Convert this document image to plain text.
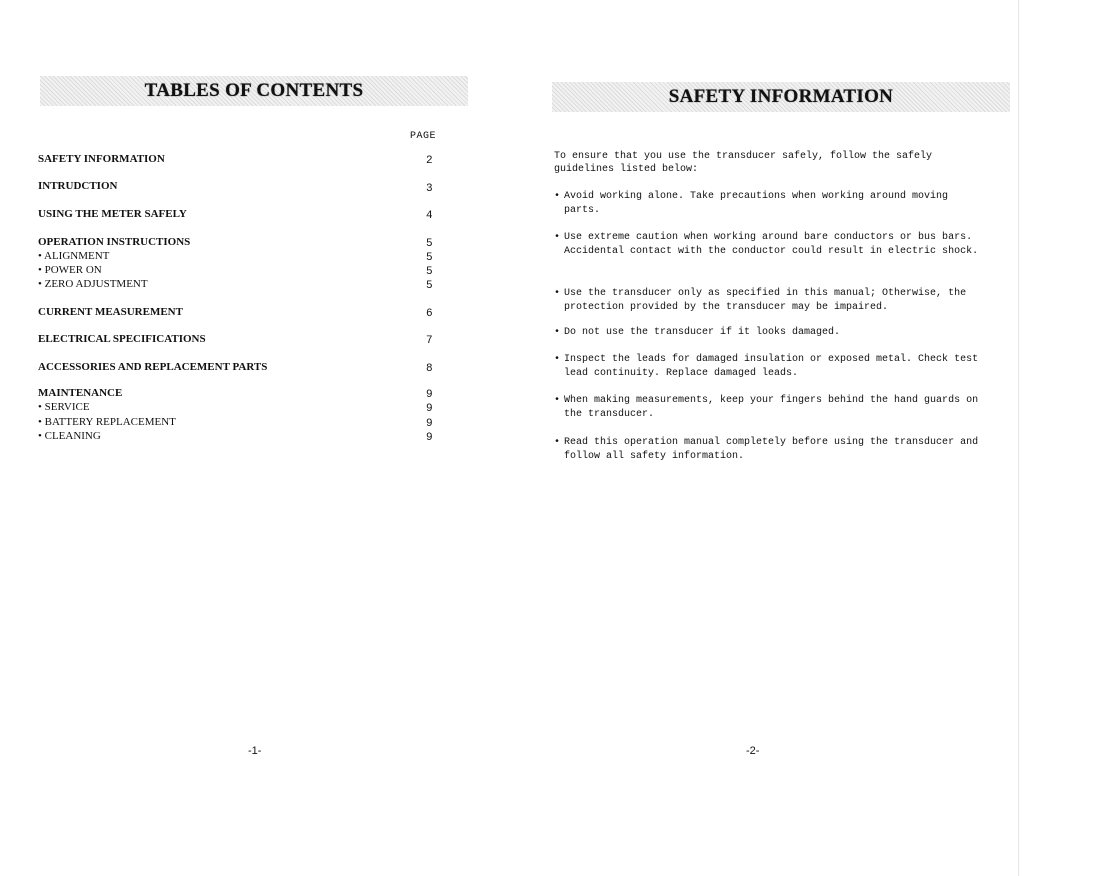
TABLES OF CONTENTS
PAGE
SAFETY INFORMATION	2
INTRUDCTION	3
USING THE METER SAFELY	4
OPERATION INSTRUCTIONS	5
• ALIGNMENT	5
• POWER ON	5
• ZERO ADJUSTMENT	5
CURRENT MEASUREMENT	6
ELECTRICAL SPECIFICATIONS	7
ACCESSORIES AND REPLACEMENT PARTS	8
MAINTENANCE	9
• SERVICE	9
• BATTERY REPLACEMENT	9
• CLEANING	9
-1-
SAFETY INFORMATION
To ensure that you use the transducer safely, follow the safely guidelines listed below:
• Avoid working alone. Take precautions when working around moving parts.
• Use extreme caution when working around bare conductors or bus bars. Accidental contact with the conductor could result in electric shock.
• Use the transducer only as specified in this manual; Otherwise, the protection provided by the transducer may be impaired.
• Do not use the transducer if it looks damaged.
• Inspect the leads for damaged insulation or exposed metal. Check test lead continuity. Replace damaged leads.
• When making measurements, keep your fingers behind the hand guards on the transducer.
• Read this operation manual completely before using the transducer and follow all safety information.
-2-
